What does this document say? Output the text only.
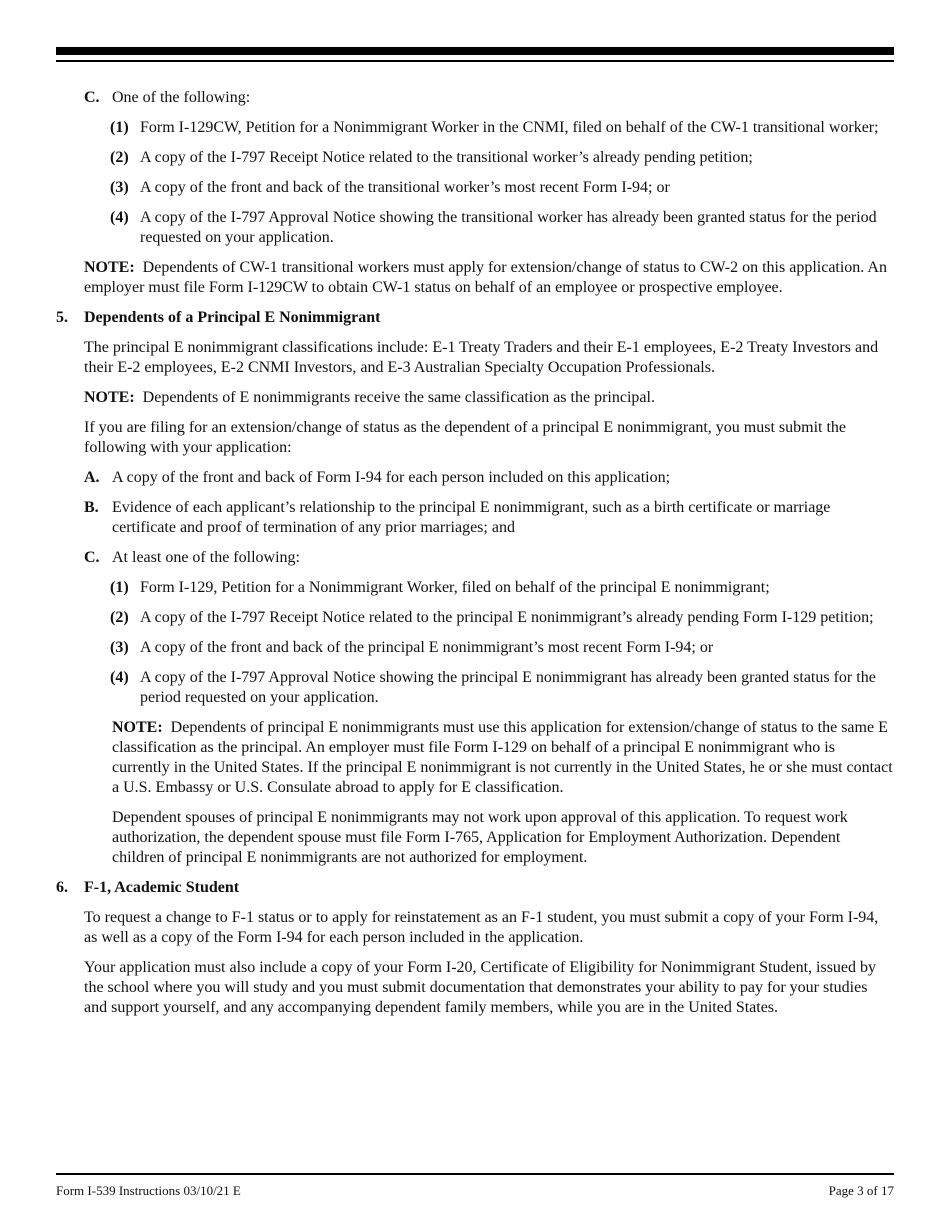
C. One of the following:
(1) Form I-129CW, Petition for a Nonimmigrant Worker in the CNMI, filed on behalf of the CW-1 transitional worker;
(2) A copy of the I-797 Receipt Notice related to the transitional worker’s already pending petition;
(3) A copy of the front and back of the transitional worker’s most recent Form I-94; or
(4) A copy of the I-797 Approval Notice showing the transitional worker has already been granted status for the period requested on your application.
NOTE: Dependents of CW-1 transitional workers must apply for extension/change of status to CW-2 on this application. An employer must file Form I-129CW to obtain CW-1 status on behalf of an employee or prospective employee.
5. Dependents of a Principal E Nonimmigrant
The principal E nonimmigrant classifications include: E-1 Treaty Traders and their E-1 employees, E-2 Treaty Investors and their E-2 employees, E-2 CNMI Investors, and E-3 Australian Specialty Occupation Professionals.
NOTE: Dependents of E nonimmigrants receive the same classification as the principal.
If you are filing for an extension/change of status as the dependent of a principal E nonimmigrant, you must submit the following with your application:
A. A copy of the front and back of Form I-94 for each person included on this application;
B. Evidence of each applicant’s relationship to the principal E nonimmigrant, such as a birth certificate or marriage certificate and proof of termination of any prior marriages; and
C. At least one of the following:
(1) Form I-129, Petition for a Nonimmigrant Worker, filed on behalf of the principal E nonimmigrant;
(2) A copy of the I-797 Receipt Notice related to the principal E nonimmigrant’s already pending Form I-129 petition;
(3) A copy of the front and back of the principal E nonimmigrant’s most recent Form I-94; or
(4) A copy of the I-797 Approval Notice showing the principal E nonimmigrant has already been granted status for the period requested on your application.
NOTE: Dependents of principal E nonimmigrants must use this application for extension/change of status to the same E classification as the principal. An employer must file Form I-129 on behalf of a principal E nonimmigrant who is currently in the United States. If the principal E nonimmigrant is not currently in the United States, he or she must contact a U.S. Embassy or U.S. Consulate abroad to apply for E classification.
Dependent spouses of principal E nonimmigrants may not work upon approval of this application. To request work authorization, the dependent spouse must file Form I-765, Application for Employment Authorization. Dependent children of principal E nonimmigrants are not authorized for employment.
6. F-1, Academic Student
To request a change to F-1 status or to apply for reinstatement as an F-1 student, you must submit a copy of your Form I-94, as well as a copy of the Form I-94 for each person included in the application.
Your application must also include a copy of your Form I-20, Certificate of Eligibility for Nonimmigrant Student, issued by the school where you will study and you must submit documentation that demonstrates your ability to pay for your studies and support yourself, and any accompanying dependent family members, while you are in the United States.
Form I-539 Instructions 03/10/21 E	Page 3 of 17
